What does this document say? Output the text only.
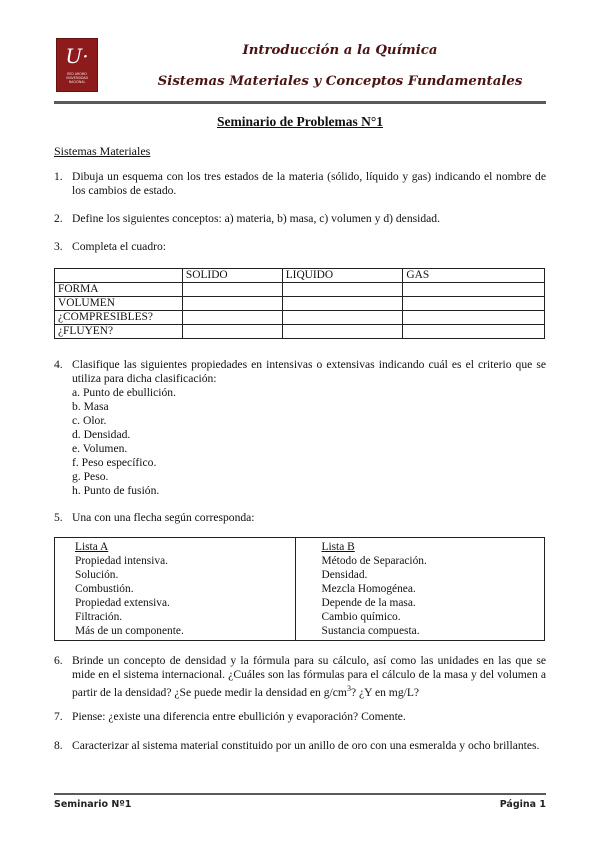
U·
RED AROMO
UNIVERSIDAD
NACIONAL
Introducción a la Química
Sistemas Materiales y Conceptos Fundamentales
Seminario de Problemas N°1
Sistemas Materiales
1. Dibuja un esquema con los tres estados de la materia (sólido, líquido y gas) indicando el nombre de los cambios de estado.
2. Define los siguientes conceptos: a) materia, b) masa, c) volumen y d) densidad.
3. Completa el cuadro:
	SOLIDO	LIQUIDO	GAS
FORMA			
VOLUMEN			
¿COMPRESIBLES?			
¿FLUYEN?			
4. Clasifique las siguientes propiedades en intensivas o extensivas indicando cuál es el criterio que se utiliza para dicha clasificación:
a. Punto de ebullición.
b. Masa
c. Olor.
d. Densidad.
e. Volumen.
f. Peso específico.
g. Peso.
h. Punto de fusión.
5. Una con una flecha según corresponda:
Lista A	Lista B
Propiedad intensiva.	Método de Separación.
Solución.	Densidad.
Combustión.	Mezcla Homogénea.
Propiedad extensiva.	Depende de la masa.
Filtración.	Cambio químico.
Más de un componente.	Sustancia compuesta.
6. Brinde un concepto de densidad y la fórmula para su cálculo, así como las unidades en las que se mide en el sistema internacional. ¿Cuáles son las fórmulas para el cálculo de la masa y del volumen a partir de la densidad? ¿Se puede medir la densidad en $g/cm^3$? ¿Y en mg/L?
7. Piense: ¿existe una diferencia entre ebullición y evaporación? Comente.
8. Caracterizar al sistema material constituido por un anillo de oro con una esmeralda y ocho brillantes.
Seminario Nº1	Página 1
